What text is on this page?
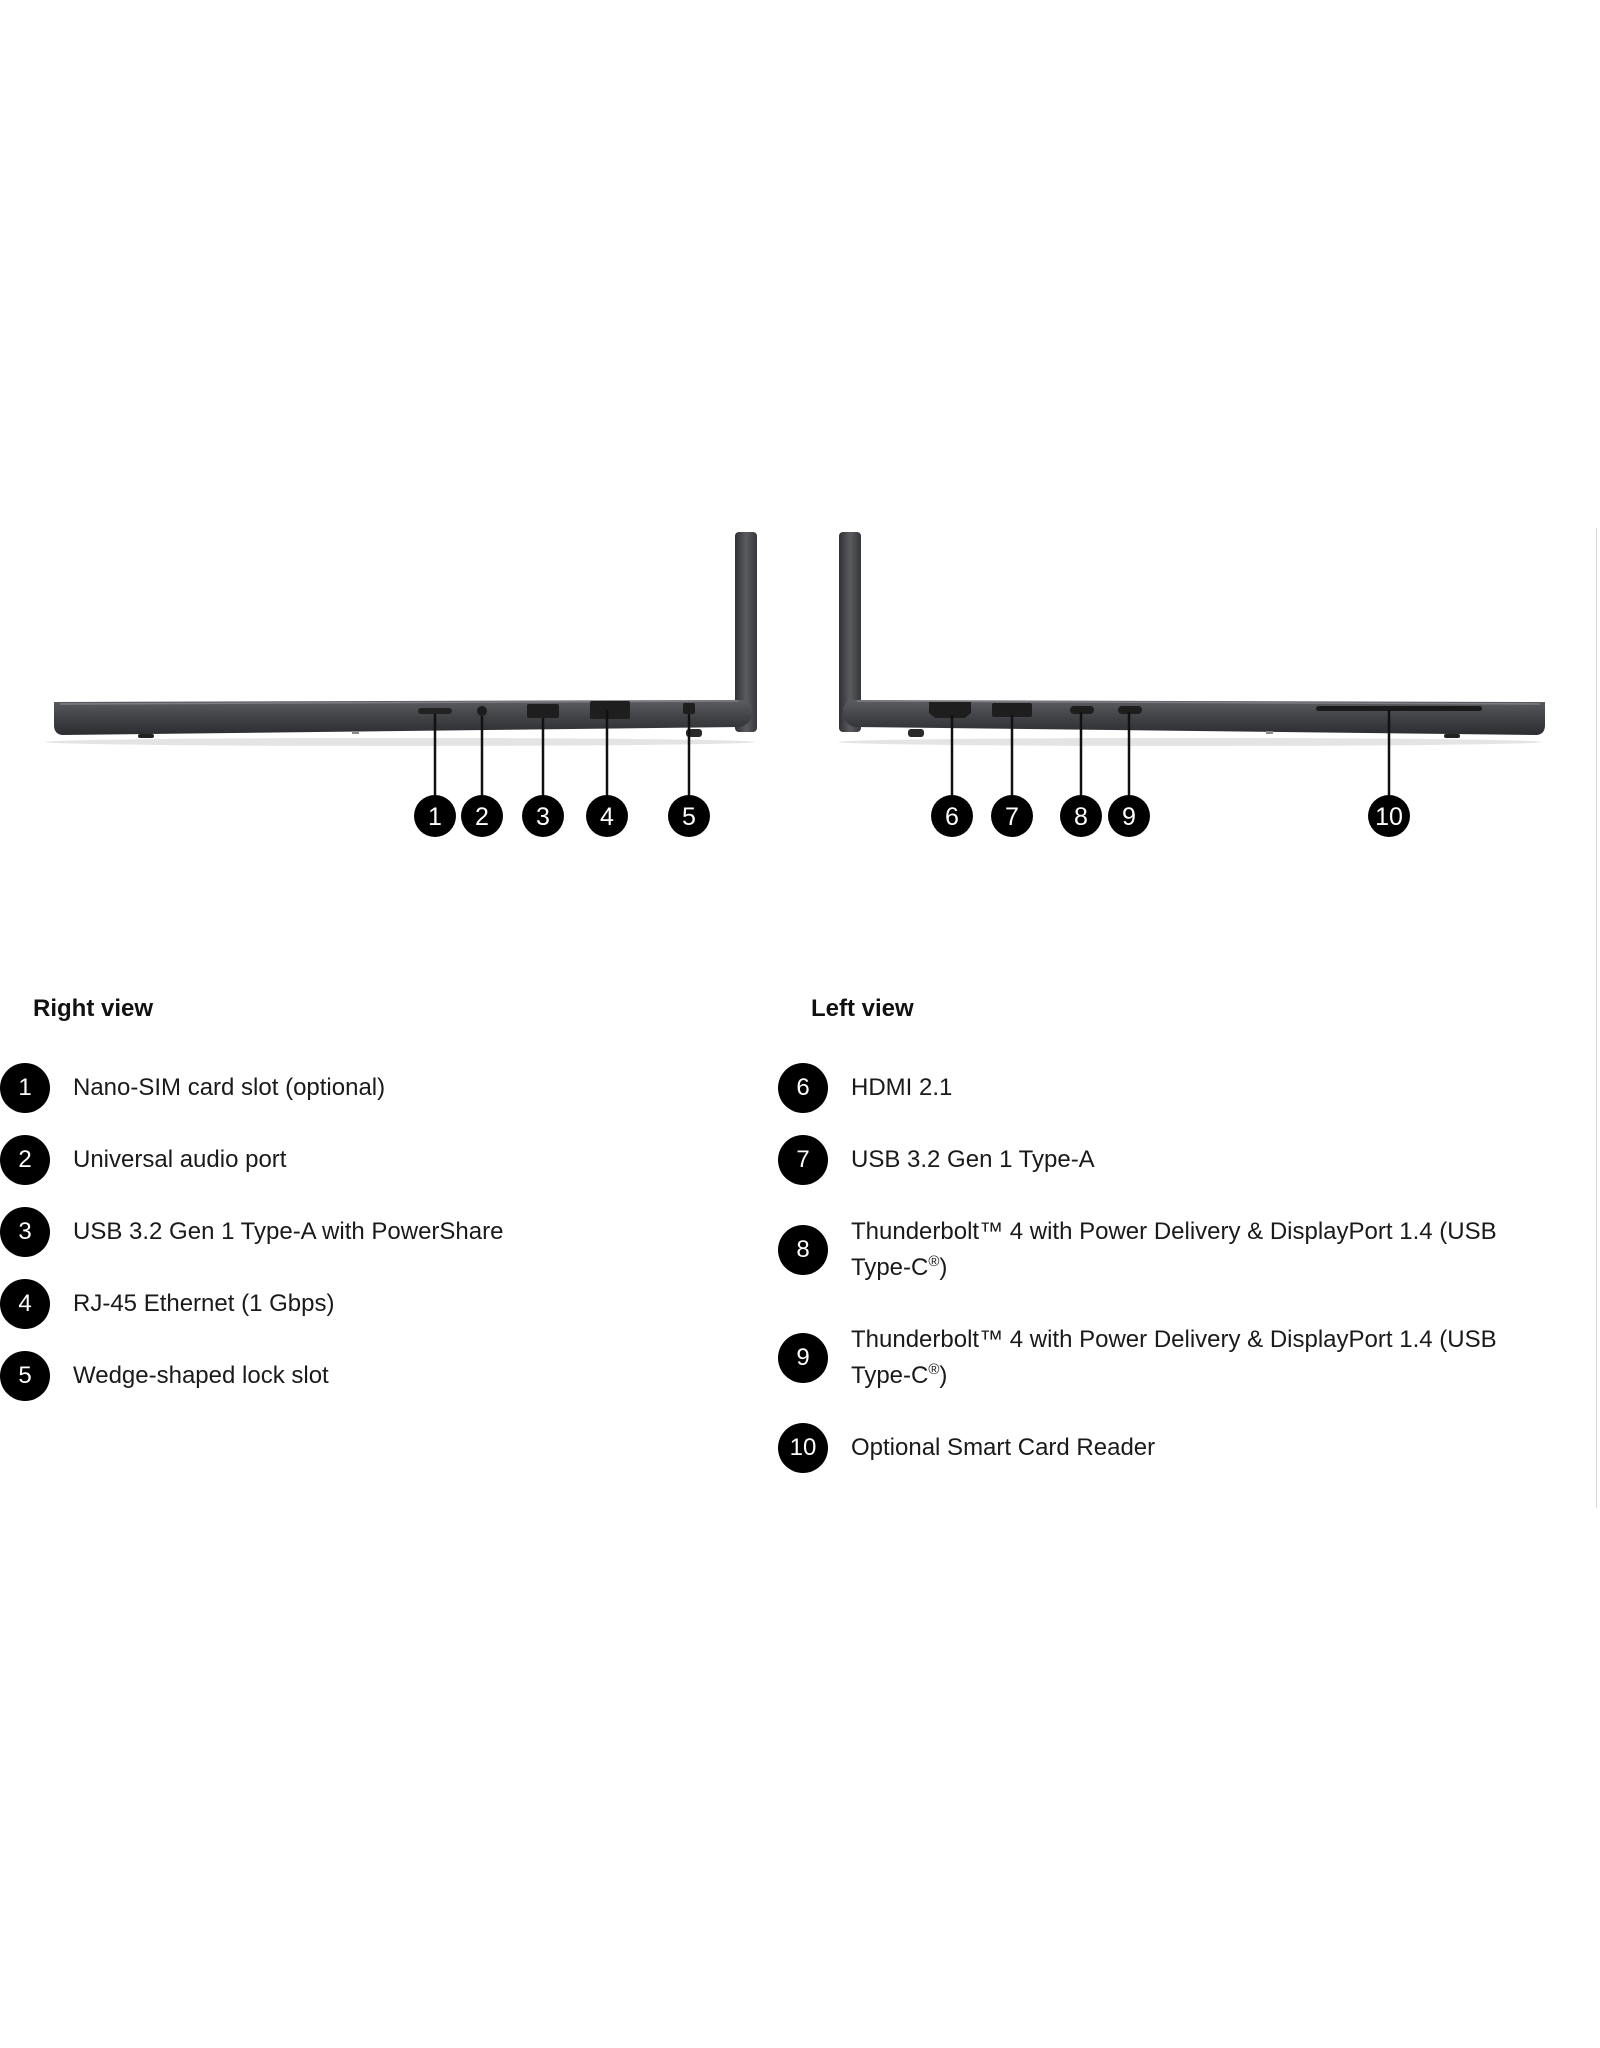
1 2 3 4	5	6 7 8 9	10
Right view
1	Nano-SIM card slot (optional)
2	Universal audio port
3	USB 3.2 Gen 1 Type-A with PowerShare
4	RJ-45 Ethernet (1 Gbps)
5	Wedge-shaped lock slot
Left view
6	HDMI 2.1
7	USB 3.2 Gen 1 Type-A
8
Thunderbolt™ 4 with Power Delivery & DisplayPort 1.4 (USB Type-C®)
9
Thunderbolt™ 4 with Power Delivery & DisplayPort 1.4 (USB Type-C®)
10	Optional Smart Card Reader
